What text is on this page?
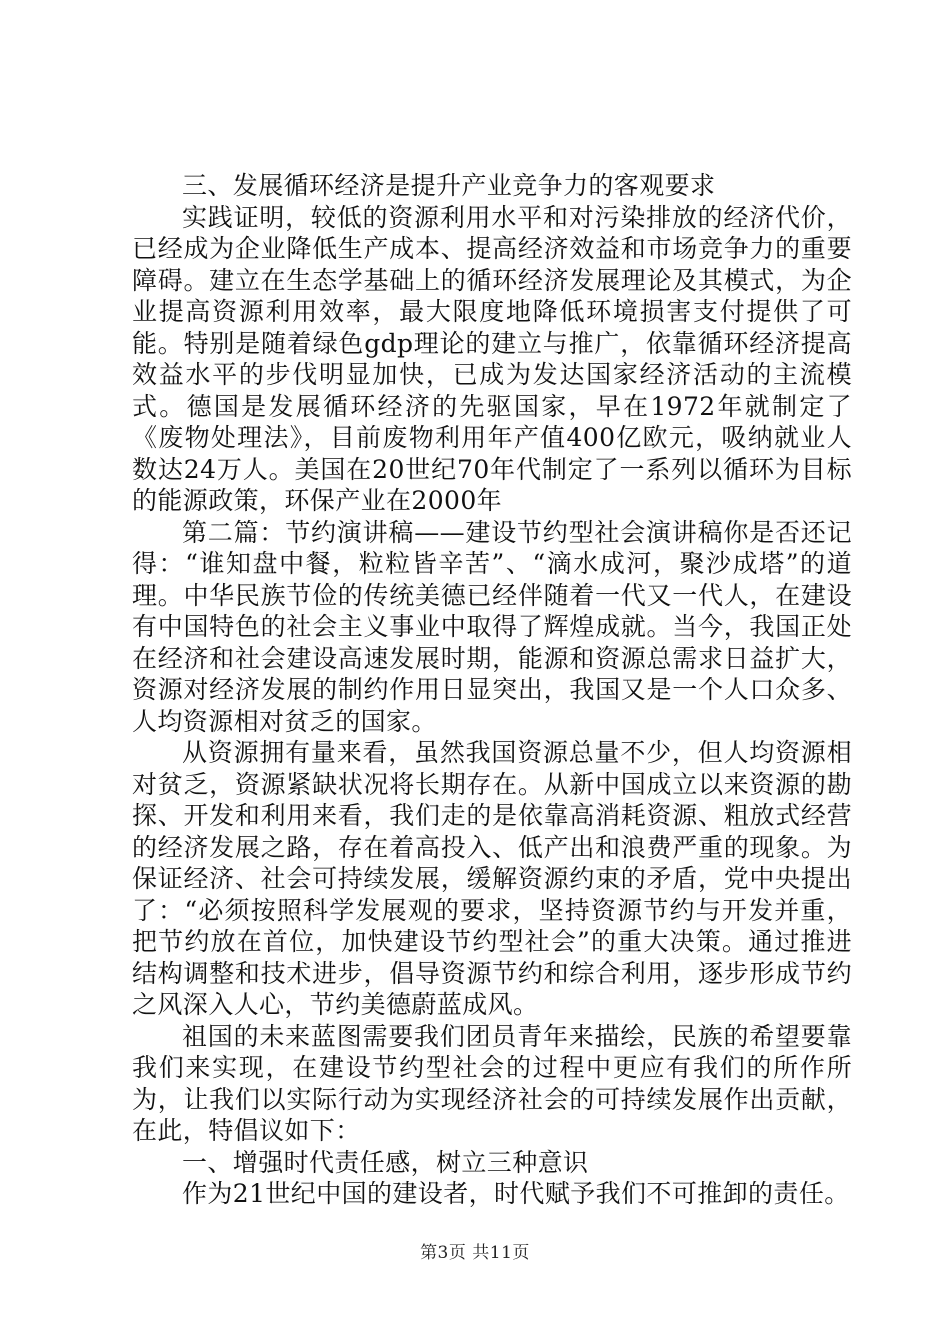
三、发展循环经济是提升产业竞争力的客观要求

实践证明，较低的资源利用水平和对污染排放的经济代价，已经成为企业降低生产成本、提高经济效益和市场竞争力的重要障碍。建立在生态学基础上的循环经济发展理论及其模式，为企业提高资源利用效率，最大限度地降低环境损害支付提供了可能。特别是随着绿色gdp理论的建立与推广，依靠循环经济提高效益水平的步伐明显加快，已成为发达国家经济活动的主流模式。德国是发展循环经济的先驱国家，早在1972年就制定了《废物处理法》，目前废物利用年产值400亿欧元，吸纳就业人数达24万人。美国在20世纪70年代制定了一系列以循环为目标的能源政策，环保产业在2000年

第二篇：节约演讲稿——建设节约型社会演讲稿你是否还记得：“谁知盘中餐，粒粒皆辛苦”、“滴水成河，聚沙成塔”的道理。中华民族节俭的传统美德已经伴随着一代又一代人，在建设有中国特色的社会主义事业中取得了辉煌成就。当今，我国正处在经济和社会建设高速发展时期，能源和资源总需求日益扩大，资源对经济发展的制约作用日显突出，我国又是一个人口众多、人均资源相对贫乏的国家。

从资源拥有量来看，虽然我国资源总量不少，但人均资源相对贫乏，资源紧缺状况将长期存在。从新中国成立以来资源的勘探、开发和利用来看，我们走的是依靠高消耗资源、粗放式经营的经济发展之路，存在着高投入、低产出和浪费严重的现象。为保证经济、社会可持续发展，缓解资源约束的矛盾，党中央提出了：“必须按照科学发展观的要求，坚持资源节约与开发并重，把节约放在首位，加快建设节约型社会”的重大决策。通过推进结构调整和技术进步，倡导资源节约和综合利用，逐步形成节约之风深入人心，节约美德蔚蓝成风。

祖国的未来蓝图需要我们团员青年来描绘，民族的希望要靠我们来实现，在建设节约型社会的过程中更应有我们的所作所为，让我们以实际行动为实现经济社会的可持续发展作出贡献，在此，特倡议如下：

一、增强时代责任感，树立三种意识

作为21世纪中国的建设者，时代赋予我们不可推卸的责任。

第3页 共11页
